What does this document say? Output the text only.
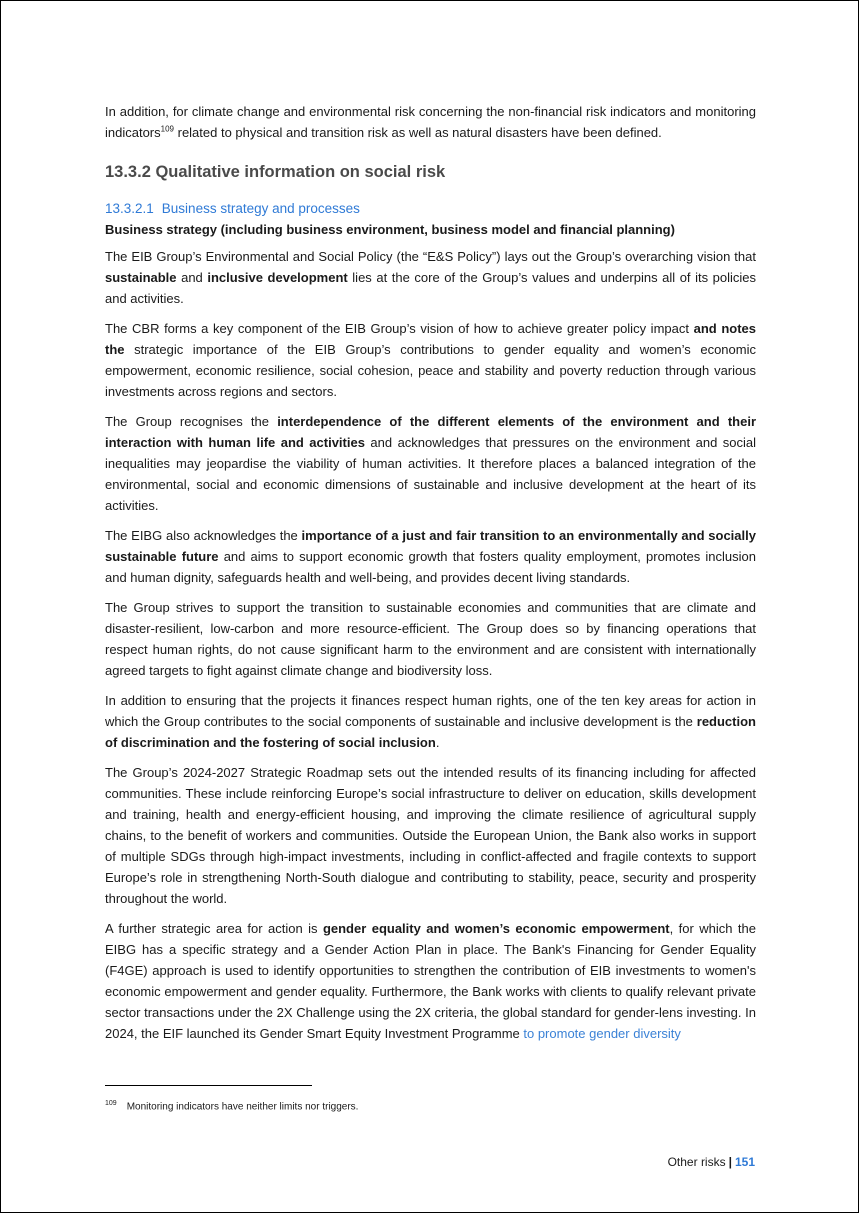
In addition, for climate change and environmental risk concerning the non-financial risk indicators and monitoring indicators$^{109}$ related to physical and transition risk as well as natural disasters have been defined.

13.3.2 Qualitative information on social risk
13.3.2.1 Business strategy and processes
Business strategy (including business environment, business model and financial planning)

The EIB Group’s Environmental and Social Policy (the “E&S Policy”) lays out the Group’s overarching vision that sustainable and inclusive development lies at the core of the Group’s values and underpins all of its policies and activities.

The CBR forms a key component of the EIB Group’s vision of how to achieve greater policy impact and notes the strategic importance of the EIB Group’s contributions to gender equality and women’s economic empowerment, economic resilience, social cohesion, peace and stability and poverty reduction through various investments across regions and sectors.

The Group recognises the interdependence of the different elements of the environment and their interaction with human life and activities and acknowledges that pressures on the environment and social inequalities may jeopardise the viability of human activities. It therefore places a balanced integration of the environmental, social and economic dimensions of sustainable and inclusive development at the heart of its activities.

The EIBG also acknowledges the importance of a just and fair transition to an environmentally and socially sustainable future and aims to support economic growth that fosters quality employment, promotes inclusion and human dignity, safeguards health and well-being, and provides decent living standards.

The Group strives to support the transition to sustainable economies and communities that are climate and disaster-resilient, low-carbon and more resource-efficient. The Group does so by financing operations that respect human rights, do not cause significant harm to the environment and are consistent with internationally agreed targets to fight against climate change and biodiversity loss.

In addition to ensuring that the projects it finances respect human rights, one of the ten key areas for action in which the Group contributes to the social components of sustainable and inclusive development is the reduction of discrimination and the fostering of social inclusion.

The Group’s 2024-2027 Strategic Roadmap sets out the intended results of its financing including for affected communities. These include reinforcing Europe’s social infrastructure to deliver on education, skills development and training, health and energy-efficient housing, and improving the climate resilience of agricultural supply chains, to the benefit of workers and communities. Outside the European Union, the Bank also works in support of multiple SDGs through high-impact investments, including in conflict-affected and fragile contexts to support Europe’s role in strengthening North-South dialogue and contributing to stability, peace, security and prosperity throughout the world.

A further strategic area for action is gender equality and women’s economic empowerment, for which the EIBG has a specific strategy and a Gender Action Plan in place. The Bank's Financing for Gender Equality (F4GE) approach is used to identify opportunities to strengthen the contribution of EIB investments to women's economic empowerment and gender equality. Furthermore, the Bank works with clients to qualify relevant private sector transactions under the 2X Challenge using the 2X criteria, the global standard for gender-lens investing. In 2024, the EIF launched its Gender Smart Equity Investment Programme to promote gender diversity

$^{109}$ Monitoring indicators have neither limits nor triggers.
Other risks | 151
